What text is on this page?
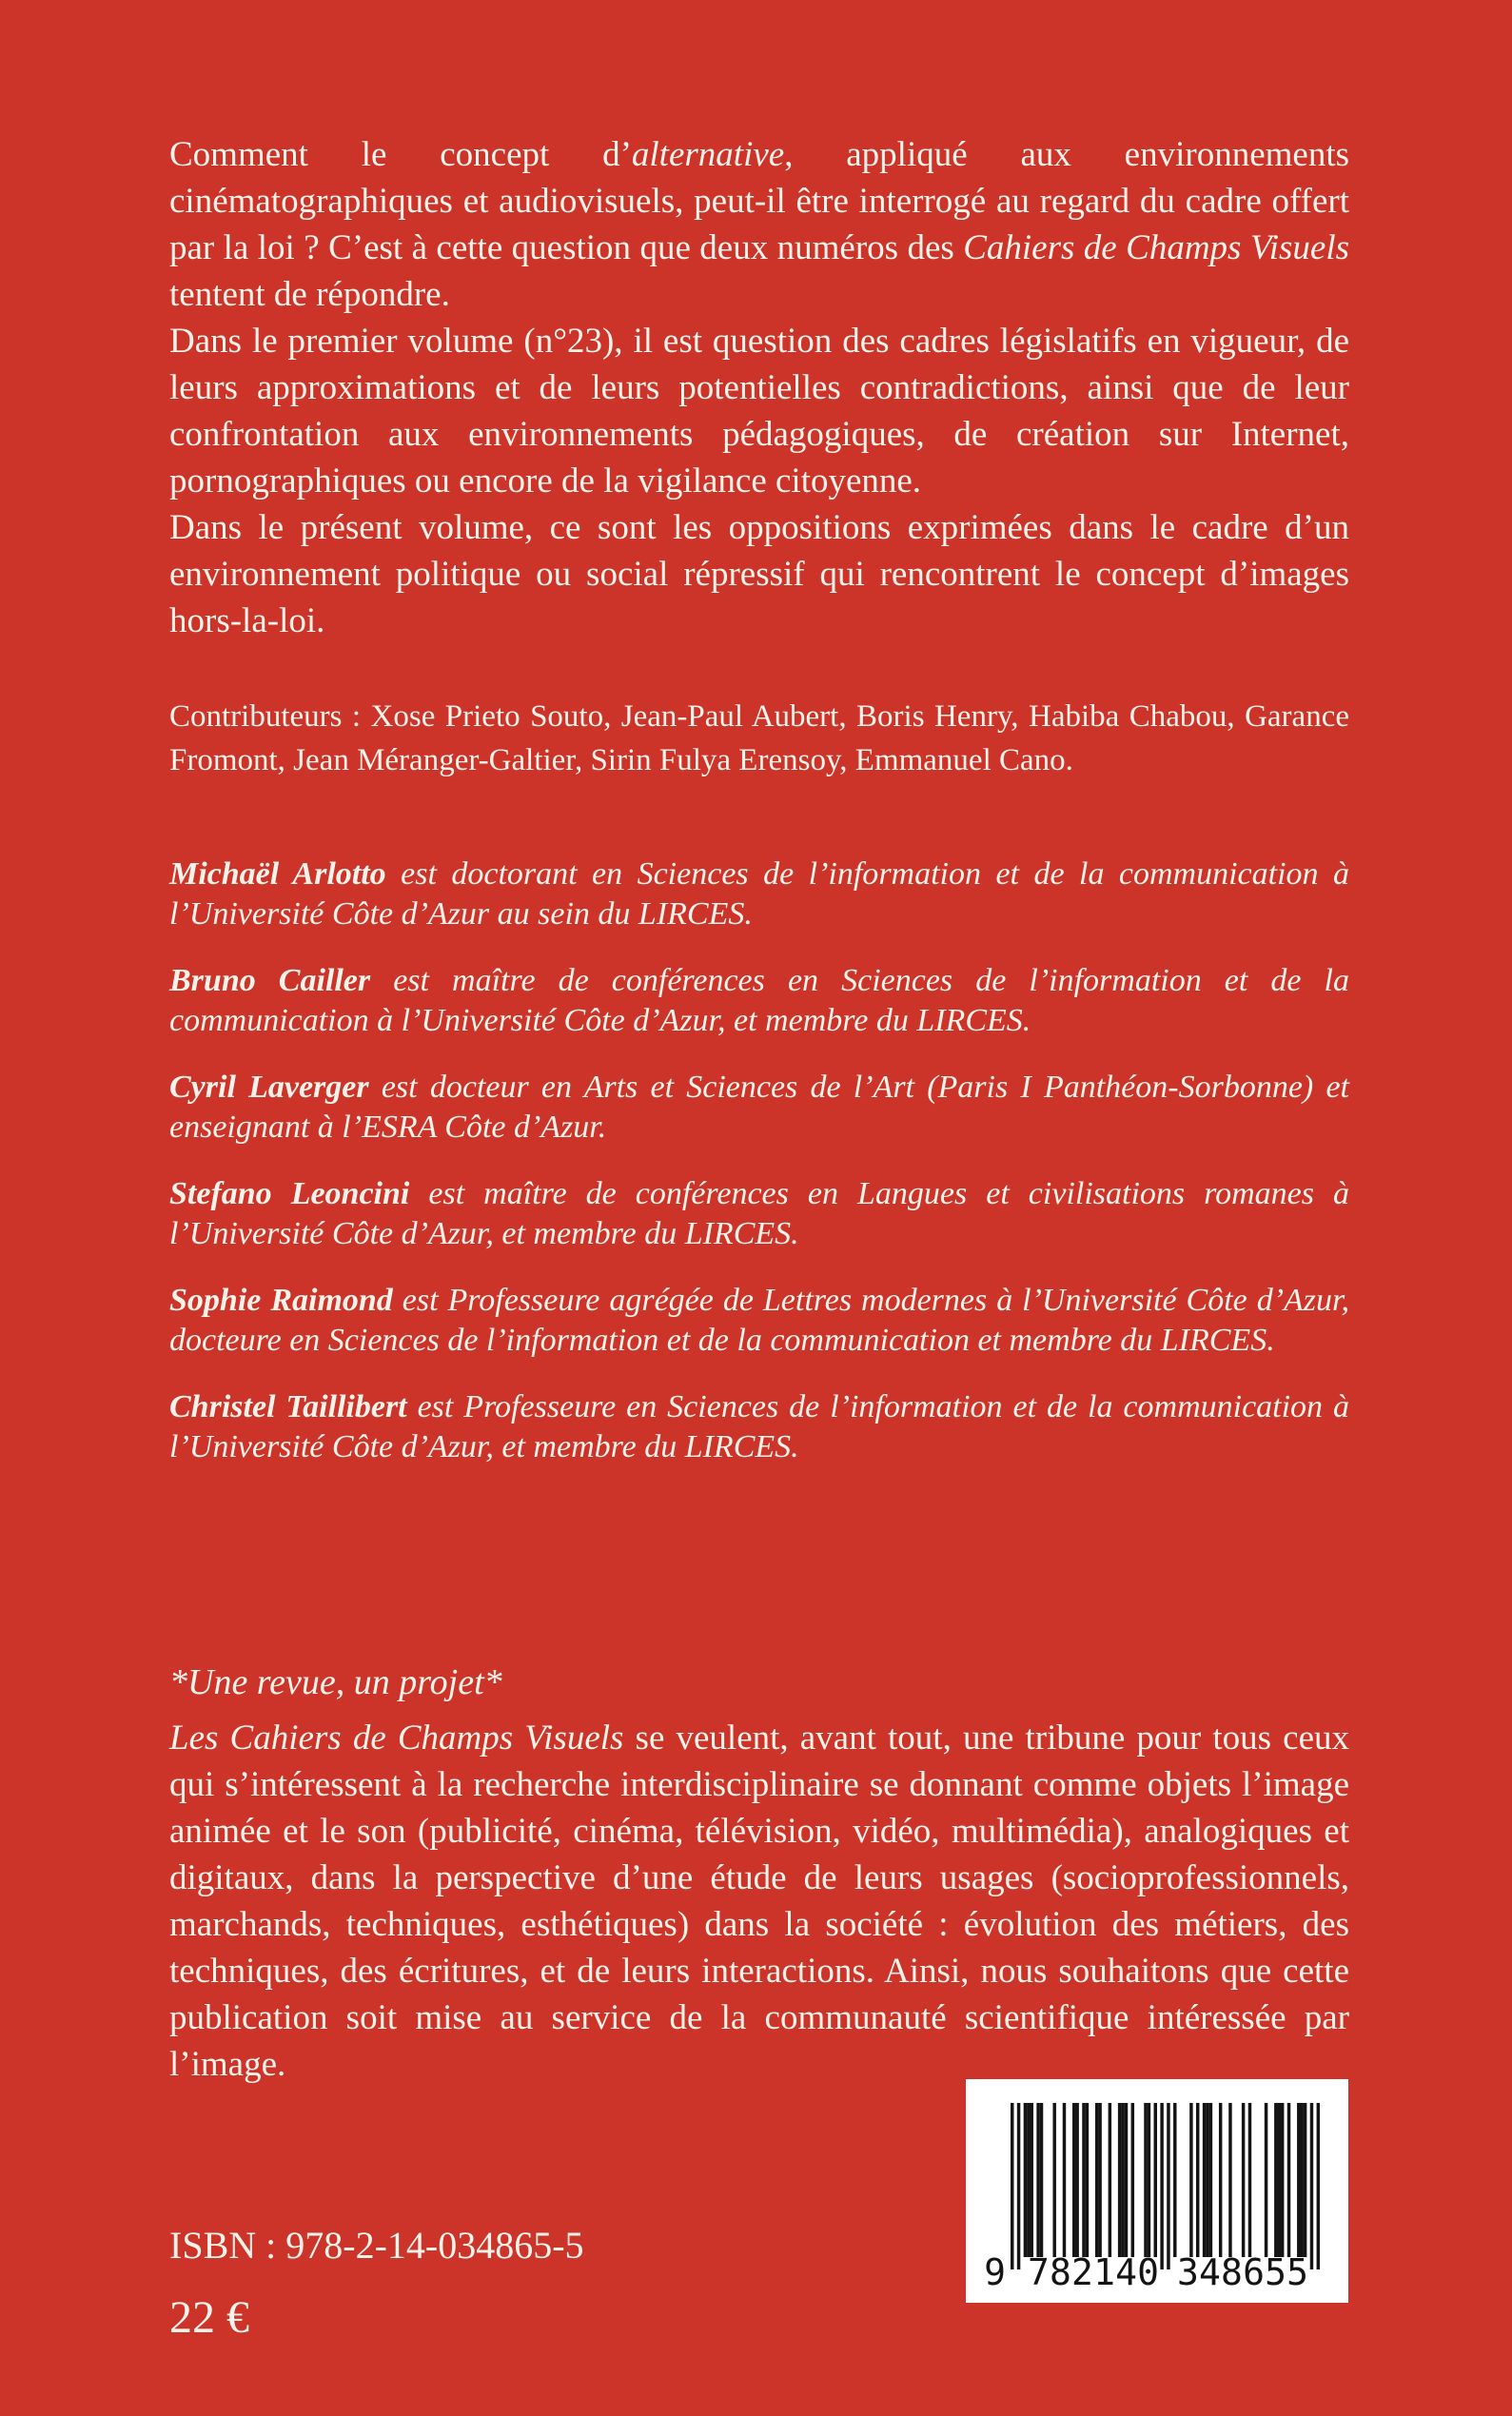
Comment le concept d’alternative, appliqué aux environnements cinématographiques et audiovisuels, peut-il être interrogé au regard du cadre offert par la loi ? C’est à cette question que deux numéros des Cahiers de Champs Visuels tentent de répondre.

Dans le premier volume (n°23), il est question des cadres législatifs en vigueur, de leurs approximations et de leurs potentielles contradictions, ainsi que de leur confrontation aux environnements pédagogiques, de création sur Internet, pornographiques ou encore de la vigilance citoyenne.

Dans le présent volume, ce sont les oppositions exprimées dans le cadre d’un environnement politique ou social répressif qui rencontrent le concept d’images hors-la-loi.

Contributeurs : Xose Prieto Souto, Jean-Paul Aubert, Boris Henry, Habiba Chabou, Garance Fromont, Jean Méranger-Galtier, Sirin Fulya Erensoy, Emmanuel Cano.

Michaël Arlotto est doctorant en Sciences de l’information et de la communication à l’Université Côte d’Azur au sein du LIRCES.

Bruno Cailler est maître de conférences en Sciences de l’information et de la communication à l’Université Côte d’Azur, et membre du LIRCES.

Cyril Laverger est docteur en Arts et Sciences de l’Art (Paris I Panthéon-Sorbonne) et enseignant à l’ESRA Côte d’Azur.

Stefano Leoncini est maître de conférences en Langues et civilisations romanes à l’Université Côte d’Azur, et membre du LIRCES.

Sophie Raimond est Professeure agrégée de Lettres modernes à l’Université Côte d’Azur, docteure en Sciences de l’information et de la communication et membre du LIRCES.

Christel Taillibert est Professeure en Sciences de l’information et de la communication à l’Université Côte d’Azur, et membre du LIRCES.

*Une revue, un projet*

Les Cahiers de Champs Visuels se veulent, avant tout, une tribune pour tous ceux qui s’intéressent à la recherche interdisciplinaire se donnant comme objets l’image animée et le son (publicité, cinéma, télévision, vidéo, multimédia), analogiques et digitaux, dans la perspective d’une étude de leurs usages (socioprofessionnels, marchands, techniques, esthétiques) dans la société : évolution des métiers, des techniques, des écritures, et de leurs interactions. Ainsi, nous souhaitons que cette publication soit mise au service de la communauté scientifique intéressée par l’image.

ISBN : 978-2-14-034865-5
22 €
9 782140 348655
